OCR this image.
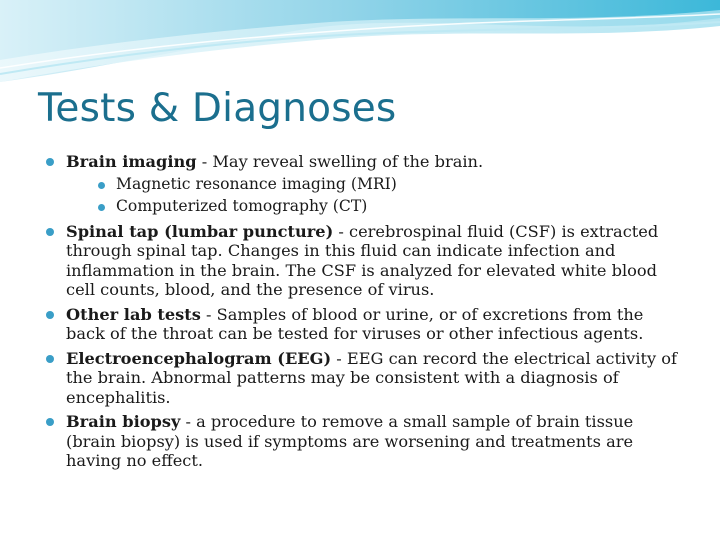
Tests & Diagnoses
Brain imaging - May reveal swelling of the brain.
Magnetic resonance imaging (MRI)
Computerized tomography (CT)
Spinal tap (lumbar puncture) - cerebrospinal fluid (CSF) is extracted through spinal tap. Changes in this fluid can indicate infection and inflammation in the brain. The CSF is analyzed for elevated white blood cell counts, blood, and the presence of virus.
Other lab tests - Samples of blood or urine, or of excretions from the back of the throat can be tested for viruses or other infectious agents.
Electroencephalogram (EEG) - EEG can record the electrical activity of the brain. Abnormal patterns may be consistent with a diagnosis of encephalitis.
Brain biopsy - a procedure to remove a small sample of brain tissue (brain biopsy) is used if symptoms are worsening and treatments are having no effect.
